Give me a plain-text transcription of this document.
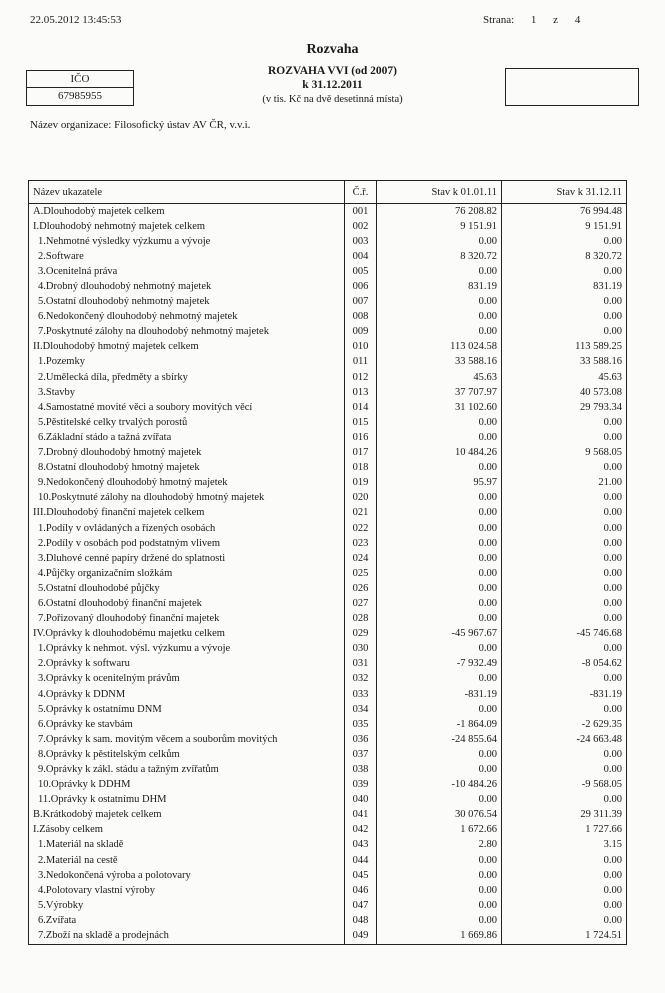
22.05.2012 13:45:53	Strana: 1 z 4
Rozvaha
ROZVAHA VVI (od 2007)
k 31.12.2011
(v tis. Kč na dvě desetinná místa)
IČO
67985955
Název organizace: Filosofický ústav AV ČR, v.v.i.
Název ukazatele	Č.ř.	Stav k 01.01.11	Stav k 31.12.11
A.Dlouhodobý majetek celkem	001	76 208.82	76 994.48
I.Dlouhodobý nehmotný majetek celkem	002	9 151.91	9 151.91
1.Nehmotné výsledky výzkumu a vývoje	003	0.00	0.00
2.Software	004	8 320.72	8 320.72
3.Ocenitelná práva	005	0.00	0.00
4.Drobný dlouhodobý nehmotný majetek	006	831.19	831.19
5.Ostatní dlouhodobý nehmotný majetek	007	0.00	0.00
6.Nedokončený dlouhodobý nehmotný majetek	008	0.00	0.00
7.Poskytnuté zálohy na dlouhodobý nehmotný majetek	009	0.00	0.00
II.Dlouhodobý hmotný majetek celkem	010	113 024.58	113 589.25
1.Pozemky	011	33 588.16	33 588.16
2.Umělecká díla, předměty a sbírky	012	45.63	45.63
3.Stavby	013	37 707.97	40 573.08
4.Samostatné movité věci a soubory movitých věcí	014	31 102.60	29 793.34
5.Pěstitelské celky trvalých porostů	015	0.00	0.00
6.Základní stádo a tažná zvířata	016	0.00	0.00
7.Drobný dlouhodobý hmotný majetek	017	10 484.26	9 568.05
8.Ostatní dlouhodobý hmotný majetek	018	0.00	0.00
9.Nedokončený dlouhodobý hmotný majetek	019	95.97	21.00
10.Poskytnuté zálohy na dlouhodobý hmotný majetek	020	0.00	0.00
III.Dlouhodobý finanční majetek celkem	021	0.00	0.00
1.Podíly v ovládaných a řízených osobách	022	0.00	0.00
2.Podíly v osobách pod podstatným vlivem	023	0.00	0.00
3.Dluhové cenné papíry držené do splatnosti	024	0.00	0.00
4.Půjčky organizačním složkám	025	0.00	0.00
5.Ostatní dlouhodobé půjčky	026	0.00	0.00
6.Ostatní dlouhodobý finanční majetek	027	0.00	0.00
7.Pořizovaný dlouhodobý finanční majetek	028	0.00	0.00
IV.Oprávky k dlouhodobému majetku celkem	029	-45 967.67	-45 746.68
1.Oprávky k nehmot. výsl. výzkumu a vývoje	030	0.00	0.00
2.Oprávky k softwaru	031	-7 932.49	-8 054.62
3.Oprávky k ocenitelným právům	032	0.00	0.00
4.Oprávky k DDNM	033	-831.19	-831.19
5.Oprávky k ostatnímu DNM	034	0.00	0.00
6.Oprávky ke stavbám	035	-1 864.09	-2 629.35
7.Oprávky k sam. movitým věcem a souborům movitých	036	-24 855.64	-24 663.48
8.Oprávky k pěstitelským celkům	037	0.00	0.00
9.Oprávky k zákl. stádu a tažným zvířatům	038	0.00	0.00
10.Oprávky k DDHM	039	-10 484.26	-9 568.05
11.Oprávky k ostatnímu DHM	040	0.00	0.00
B.Krátkodobý majetek celkem	041	30 076.54	29 311.39
I.Zásoby celkem	042	1 672.66	1 727.66
1.Materiál na skladě	043	2.80	3.15
2.Materiál na cestě	044	0.00	0.00
3.Nedokončená výroba a polotovary	045	0.00	0.00
4.Polotovary vlastní výroby	046	0.00	0.00
5.Výrobky	047	0.00	0.00
6.Zvířata	048	0.00	0.00
7.Zboží na skladě a prodejnách	049	1 669.86	1 724.51
